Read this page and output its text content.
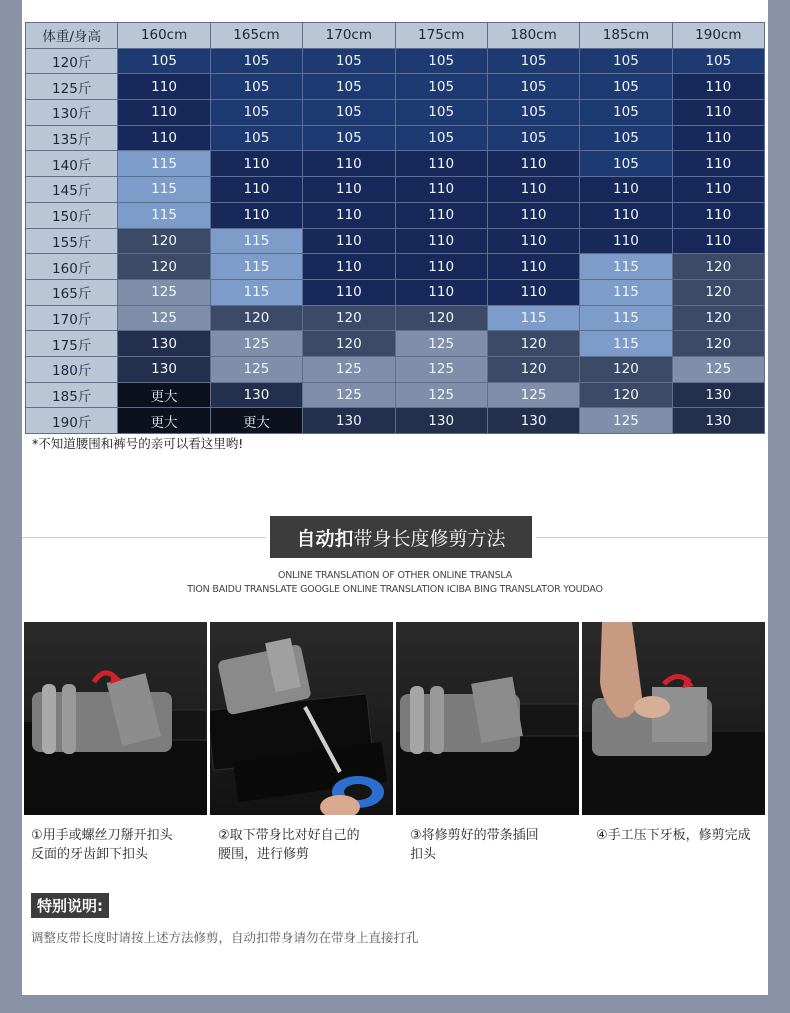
体重/身高	160cm	165cm	170cm	175cm	180cm	185cm	190cm
120斤	105	105	105	105	105	105	105
125斤	110	105	105	105	105	105	110
130斤	110	105	105	105	105	105	110
135斤	110	105	105	105	105	105	110
140斤	115	110	110	110	110	105	110
145斤	115	110	110	110	110	110	110
150斤	115	110	110	110	110	110	110
155斤	120	115	110	110	110	110	110
160斤	120	115	110	110	110	115	120
165斤	125	115	110	110	110	115	120
170斤	125	120	120	120	115	115	120
175斤	130	125	120	125	120	115	120
180斤	130	125	125	125	120	120	125
185斤	更大	130	125	125	125	120	130
190斤	更大	更大	130	130	130	125	130
*不知道腰围和裤号的亲可以看这里哟!
自动扣 带身长度修剪方法
ONLINE TRANSLATION OF OTHER ONLINE TRANSLA
TION BAIDU TRANSLATE GOOGLE ONLINE TRANSLATION ICIBA BING TRANSLATOR YOUDAO
①用手或螺丝刀掰开扣头
反面的牙齿卸下扣头
②取下带身比对好自己的
腰围，进行修剪
③将修剪好的带条插回
扣头
④手工压下牙板，修剪完成
特别说明:
调整皮带长度时请按上述方法修剪，自动扣带身请勿在带身上直接打孔
